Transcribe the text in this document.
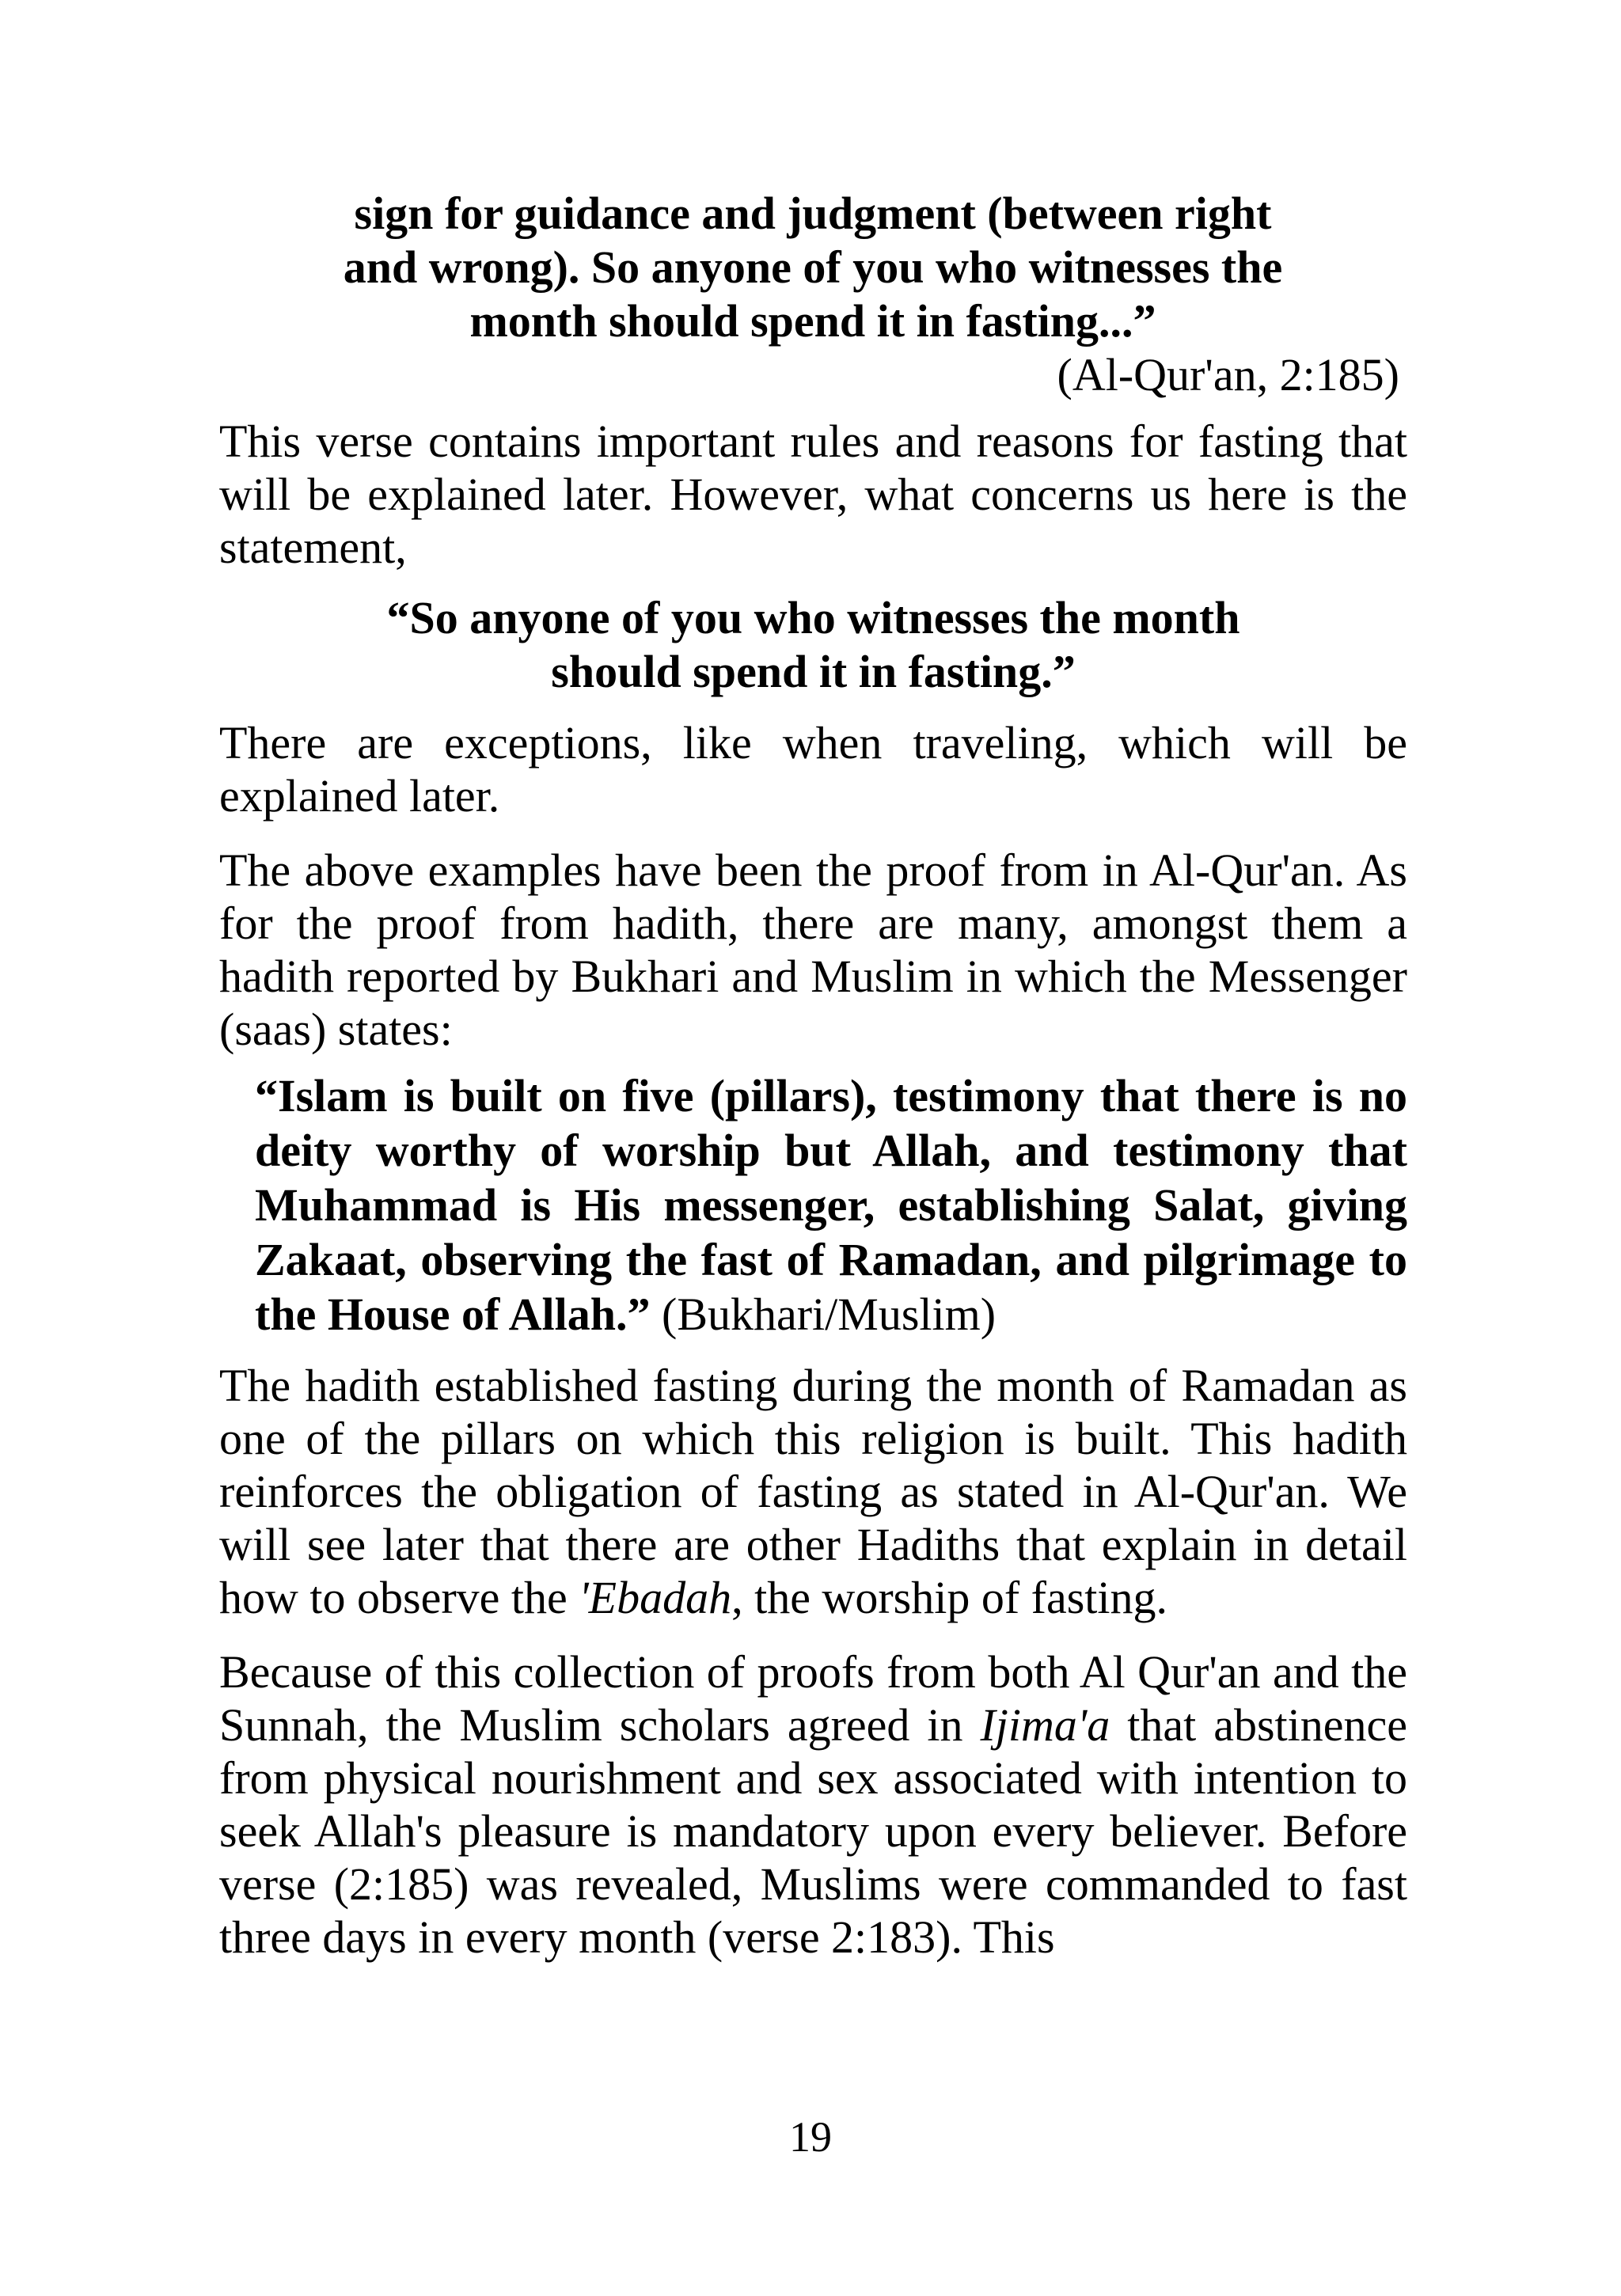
sign for guidance and judgment (between right
and wrong). So anyone of you who witnesses the
month should spend it in fasting...”
(Al-Qur'an, 2:185)

This verse contains important rules and reasons for fasting that will be explained later. However, what concerns us here is the statement,

“So anyone of you who witnesses the month
should spend it in fasting.”

There are exceptions, like when traveling, which will be explained later.

The above examples have been the proof from in Al-Qur'an. As for the proof from hadith, there are many, amongst them a hadith reported by Bukhari and Muslim in which the Messenger (saas) states:

“Islam is built on five (pillars), testimony that there is no deity worthy of worship but Allah, and testimony that Muhammad is His messenger, establishing Salat, giving Zakaat, observing the fast of Ramadan, and pilgrimage to the House of Allah.” (Bukhari/Muslim)

The hadith established fasting during the month of Ramadan as one of the pillars on which this religion is built. This hadith reinforces the obligation of fasting as stated in Al-Qur'an. We will see later that there are other Hadiths that explain in detail how to observe the 'Ebadah, the worship of fasting.

Because of this collection of proofs from both Al Qur'an and the Sunnah, the Muslim scholars agreed in Ijima'a that abstinence from physical nourishment and sex associated with intention to seek Allah's pleasure is mandatory upon every believer. Before verse (2:185) was revealed, Muslims were commanded to fast three days in every month (verse 2:183). This

19
